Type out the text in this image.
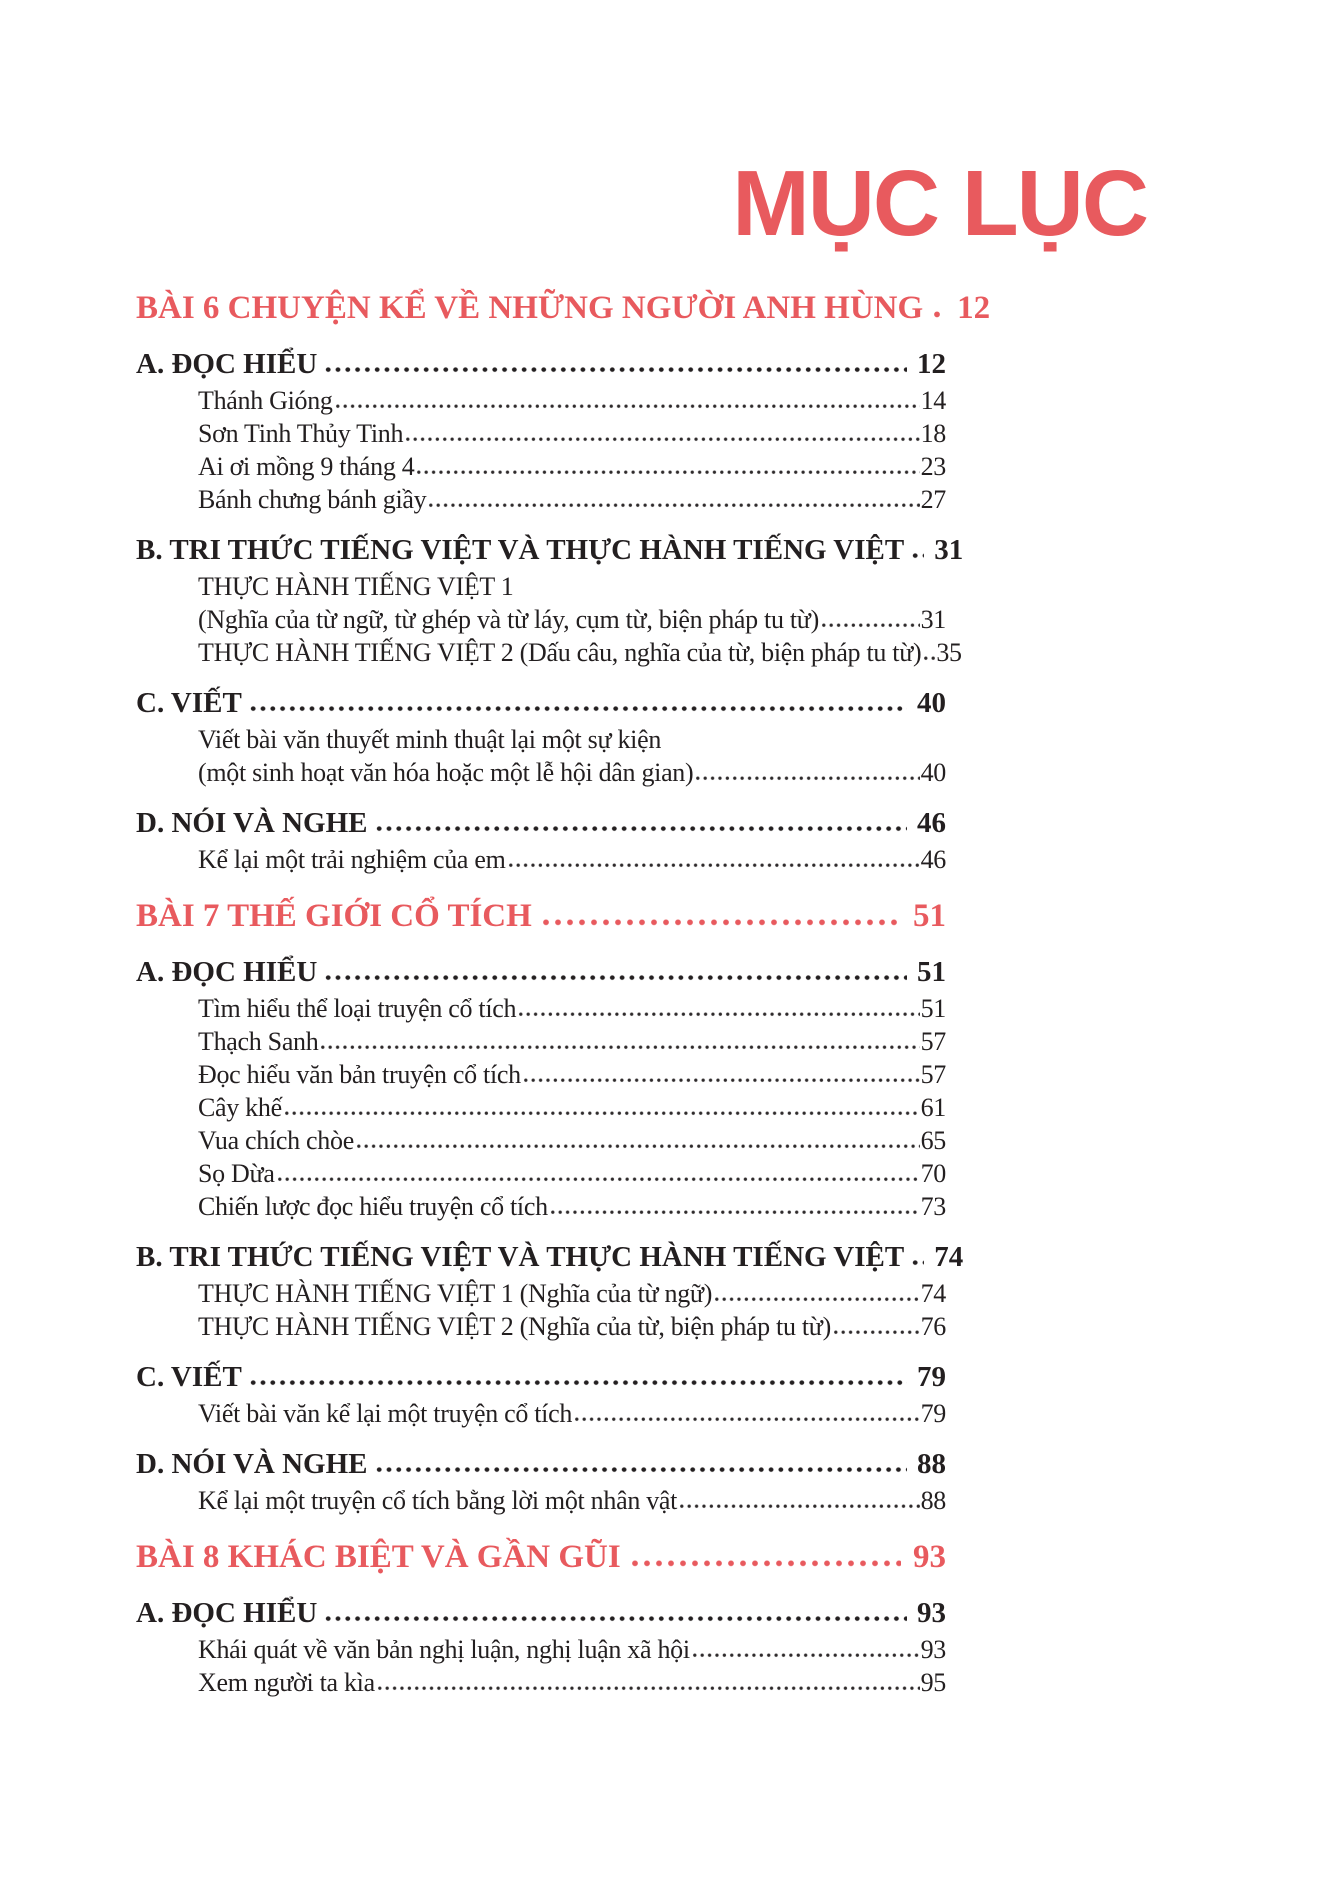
MỤC LỤC
BÀI 6 CHUYỆN KỂ VỀ NHỮNG NGƯỜI ANH HÙNG 12
A. ĐỌC HIỂU	12
Thánh Gióng	14
Sơn Tinh Thủy Tinh	18
Ai ơi mồng 9 tháng 4	23
Bánh chưng bánh giầy	27
B. TRI THỨC TIẾNG VIỆT VÀ THỰC HÀNH TIẾNG VIỆT 31
THỰC HÀNH TIẾNG VIỆT 1
(Nghĩa của từ ngữ, từ ghép và từ láy, cụm từ, biện pháp tu từ)	31
THỰC HÀNH TIẾNG VIỆT 2 (Dấu câu, nghĩa của từ, biện pháp tu từ) 35
C. VIẾT	40
Viết bài văn thuyết minh thuật lại một sự kiện
(một sinh hoạt văn hóa hoặc một lễ hội dân gian)	40
D. NÓI VÀ NGHE	46
Kể lại một trải nghiệm của em	46
BÀI 7 THẾ GIỚI CỔ TÍCH	51
A. ĐỌC HIỂU	51
Tìm hiểu thể loại truyện cổ tích	51
Thạch Sanh	57
Đọc hiểu văn bản truyện cổ tích	57
Cây khế	61
Vua chích chòe	65
Sọ Dừa	70
Chiến lược đọc hiểu truyện cổ tích	73
B. TRI THỨC TIẾNG VIỆT VÀ THỰC HÀNH TIẾNG VIỆT 74
THỰC HÀNH TIẾNG VIỆT 1 (Nghĩa của từ ngữ)	74
THỰC HÀNH TIẾNG VIỆT 2 (Nghĩa của từ, biện pháp tu từ)	76
C. VIẾT	79
Viết bài văn kể lại một truyện cổ tích	79
D. NÓI VÀ NGHE	88
Kể lại một truyện cổ tích bằng lời một nhân vật	88
BÀI 8 KHÁC BIỆT VÀ GẦN GŨI	93
A. ĐỌC HIỂU	93
Khái quát về văn bản nghị luận, nghị luận xã hội	93
Xem người ta kìa	95
